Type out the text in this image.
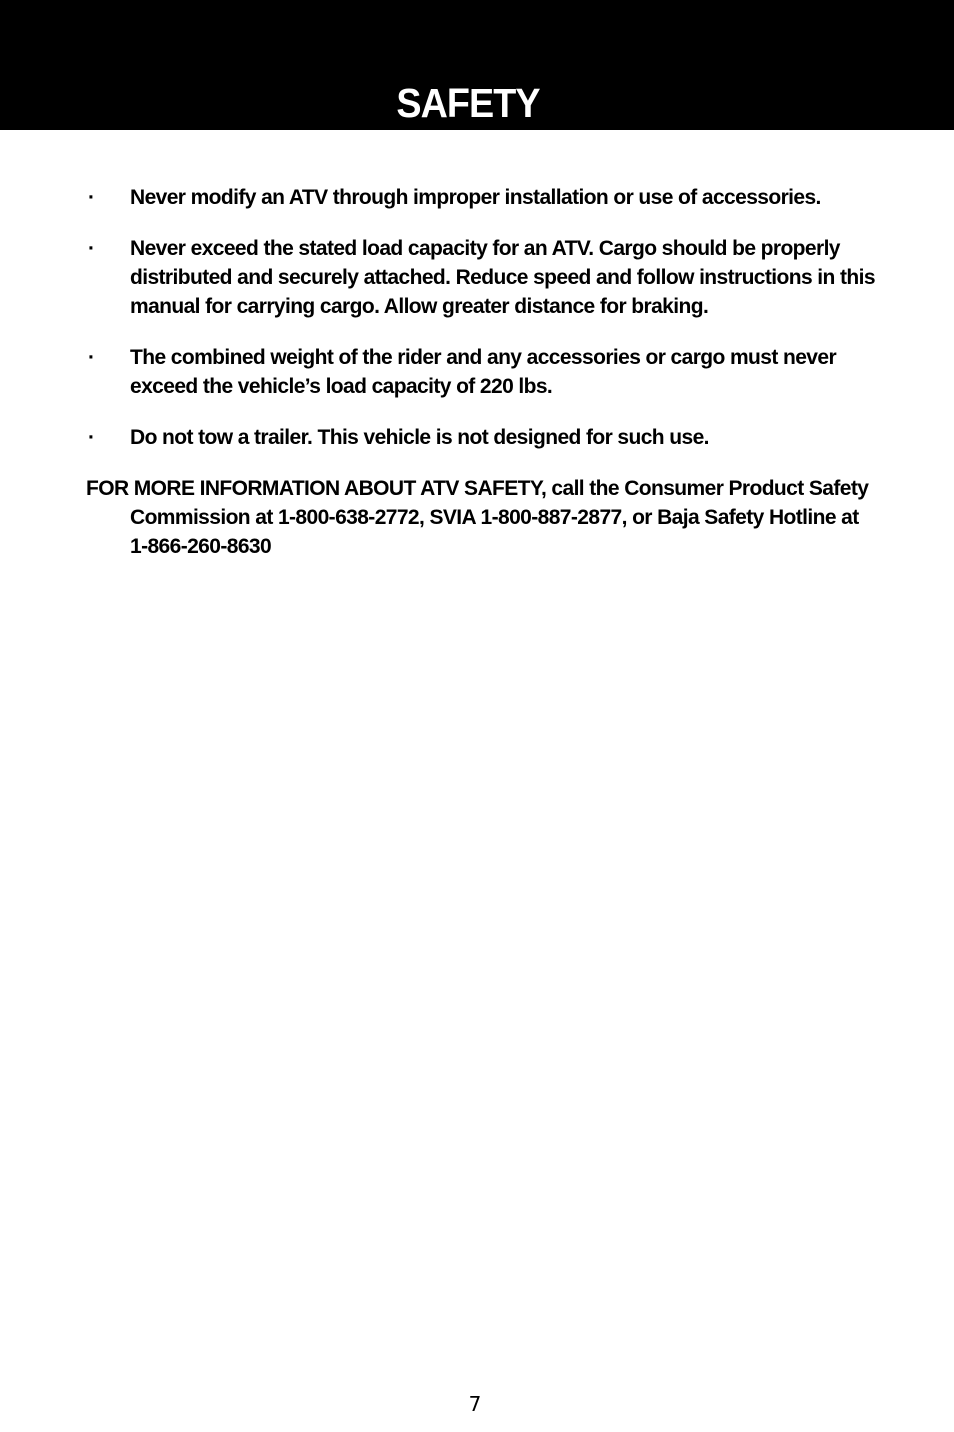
SAFETY
· Never modify an ATV through improper installation or use of accessories.
· Never exceed the stated load capacity for an ATV. Cargo should be properly distributed and securely attached. Reduce speed and follow instructions in this manual for carrying cargo. Allow greater distance for braking.
· The combined weight of the rider and any accessories or cargo must never exceed the vehicle’s load capacity of 220 lbs.
· Do not tow a trailer. This vehicle is not designed for such use.

FOR MORE INFORMATION ABOUT ATV SAFETY, call the Consumer Product Safety Commission at 1-800-638-2772, SVIA 1-800-887-2877, or Baja Safety Hotline at 1-866-260-8630

7
